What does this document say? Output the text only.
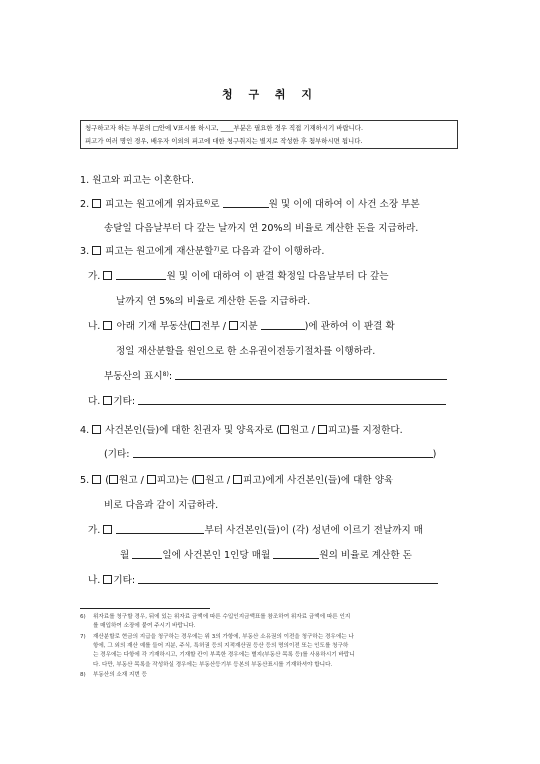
청 구 취 지
청구하고자 하는 부분의 □안에 V표시를 하시고, ____부분은 필요한 경우 직접 기재하시기 바랍니다.
피고가 여러 명인 경우, 배우자 이외의 피고에 대한 청구취지는 별지로 작성한 후 첨부하시면 됩니다.
1. 원고와 피고는 이혼한다.
2. 피고는 원고에게 위자료$^{6)}$로	원 및 이에 대하여 이 사건 소장 부본
송달일 다음날부터 다 갚는 날까지 연 20%의 비율로 계산한 돈을 지급하라.
3. 피고는 원고에게 재산분할$^{7)}$로 다음과 같이 이행하라.
가.	원 및 이에 대하여 이 판결 확정일 다음날부터 다 갚는
날까지 연 5%의 비율로 계산한 돈을 지급하라.
나. 아래 기재 부동산( 전부 / 지분	)에 관하여 이 판결 확
정일 재산분할을 원인으로 한 소유권이전등기절차를 이행하라.
부동산의 표시$^{8)}$:
다. 기타:
4. 사건본인(들)에 대한 친권자 및 양육자로 ( 원고 / 피고)를 지정한다.
(기타:	)
5. ( 원고 / 피고)는 ( 원고 / 피고)에게 사건본인(들)에 대한 양육
비로 다음과 같이 지급하라.
가.	부터 사건본인(들)이 (각) 성년에 이르기 전날까지 매
월	일에 사건본인 1인당 매월	원의 비율로 계산한 돈
나. 기타:
6) 위자료를 청구할 경우, 뒤에 있는 위자료 금액에 따른 수입인지금액표를 참조하여 위자료 금액에 따른 인지
를 매입하여 소장에 붙여 주시기 바랍니다.
7) 재산분할로 현금의 지급을 청구하는 경우에는 위 3의 가항에, 부동산 소유권의 이전을 청구하는 경우에는 나
항에, 그 외의 재산 예를 들어 지분, 주식, 특허권 등의 지적재산권 등산 등의 명의이전 또는 인도를 청구하
는 경우에는 다항에 각 기재하시고, 기재할 칸이 부족한 경우에는 별지(부동산 목록 등)를 사용하시기 바랍니
다. 다만, 부동산 목록을 작성하실 경우에는 부동산등기부 등본의 부동산표시를 기재하셔야 합니다.
8) 부동산의 소재 지번 등
